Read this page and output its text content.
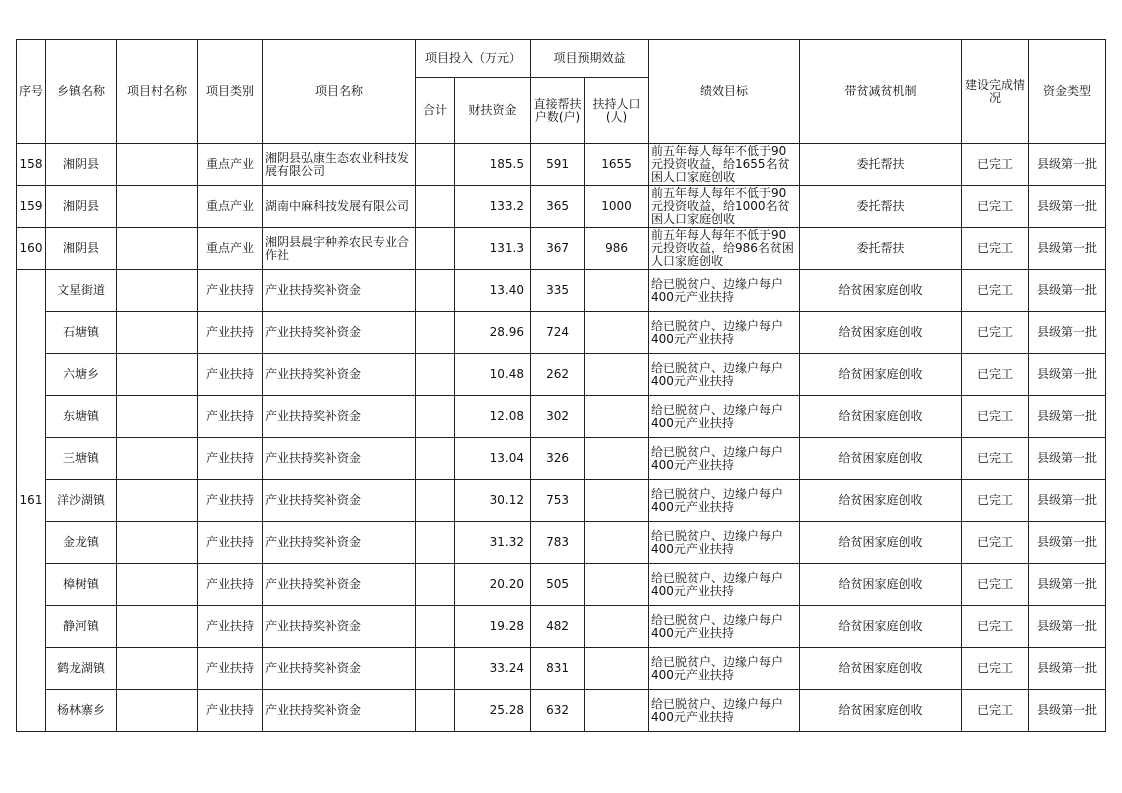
序号	乡镇名称	项目村名称	项目类别	项目名称	项目投入（万元）		项目预期效益		绩效目标	带贫减贫机制	建设完成情况	资金类型
					合计	财扶资金	直接帮扶户数(户)	扶持人口(人)				
158	湘阴县		重点产业	湘阴县弘康生态农业科技发展有限公司		185.5	591	1655	前五年每人每年不低于90元投资收益，给1655名贫困人口家庭创收	委托帮扶	已完工	县级第一批
159	湘阴县		重点产业	湖南中麻科技发展有限公司		133.2	365	1000	前五年每人每年不低于90元投资收益，给1000名贫困人口家庭创收	委托帮扶	已完工	县级第一批
160	湘阴县		重点产业	湘阴县晨宇种养农民专业合作社		131.3	367	986	前五年每人每年不低于90元投资收益，给986名贫困人口家庭创收	委托帮扶	已完工	县级第一批
161	文星街道		产业扶持	产业扶持奖补资金		13.40	335		给已脱贫户、边缘户每户400元产业扶持	给贫困家庭创收	已完工	县级第一批
	石塘镇		产业扶持	产业扶持奖补资金		28.96	724		给已脱贫户、边缘户每户400元产业扶持	给贫困家庭创收	已完工	县级第一批
	六塘乡		产业扶持	产业扶持奖补资金		10.48	262		给已脱贫户、边缘户每户400元产业扶持	给贫困家庭创收	已完工	县级第一批
	东塘镇		产业扶持	产业扶持奖补资金		12.08	302		给已脱贫户、边缘户每户400元产业扶持	给贫困家庭创收	已完工	县级第一批
	三塘镇		产业扶持	产业扶持奖补资金		13.04	326		给已脱贫户、边缘户每户400元产业扶持	给贫困家庭创收	已完工	县级第一批
	洋沙湖镇		产业扶持	产业扶持奖补资金		30.12	753		给已脱贫户、边缘户每户400元产业扶持	给贫困家庭创收	已完工	县级第一批
	金龙镇		产业扶持	产业扶持奖补资金		31.32	783		给已脱贫户、边缘户每户400元产业扶持	给贫困家庭创收	已完工	县级第一批
	樟树镇		产业扶持	产业扶持奖补资金		20.20	505		给已脱贫户、边缘户每户400元产业扶持	给贫困家庭创收	已完工	县级第一批
	静河镇		产业扶持	产业扶持奖补资金		19.28	482		给已脱贫户、边缘户每户400元产业扶持	给贫困家庭创收	已完工	县级第一批
	鹤龙湖镇		产业扶持	产业扶持奖补资金		33.24	831		给已脱贫户、边缘户每户400元产业扶持	给贫困家庭创收	已完工	县级第一批
	杨林寨乡		产业扶持	产业扶持奖补资金		25.28	632		给已脱贫户、边缘户每户400元产业扶持	给贫困家庭创收	已完工	县级第一批
